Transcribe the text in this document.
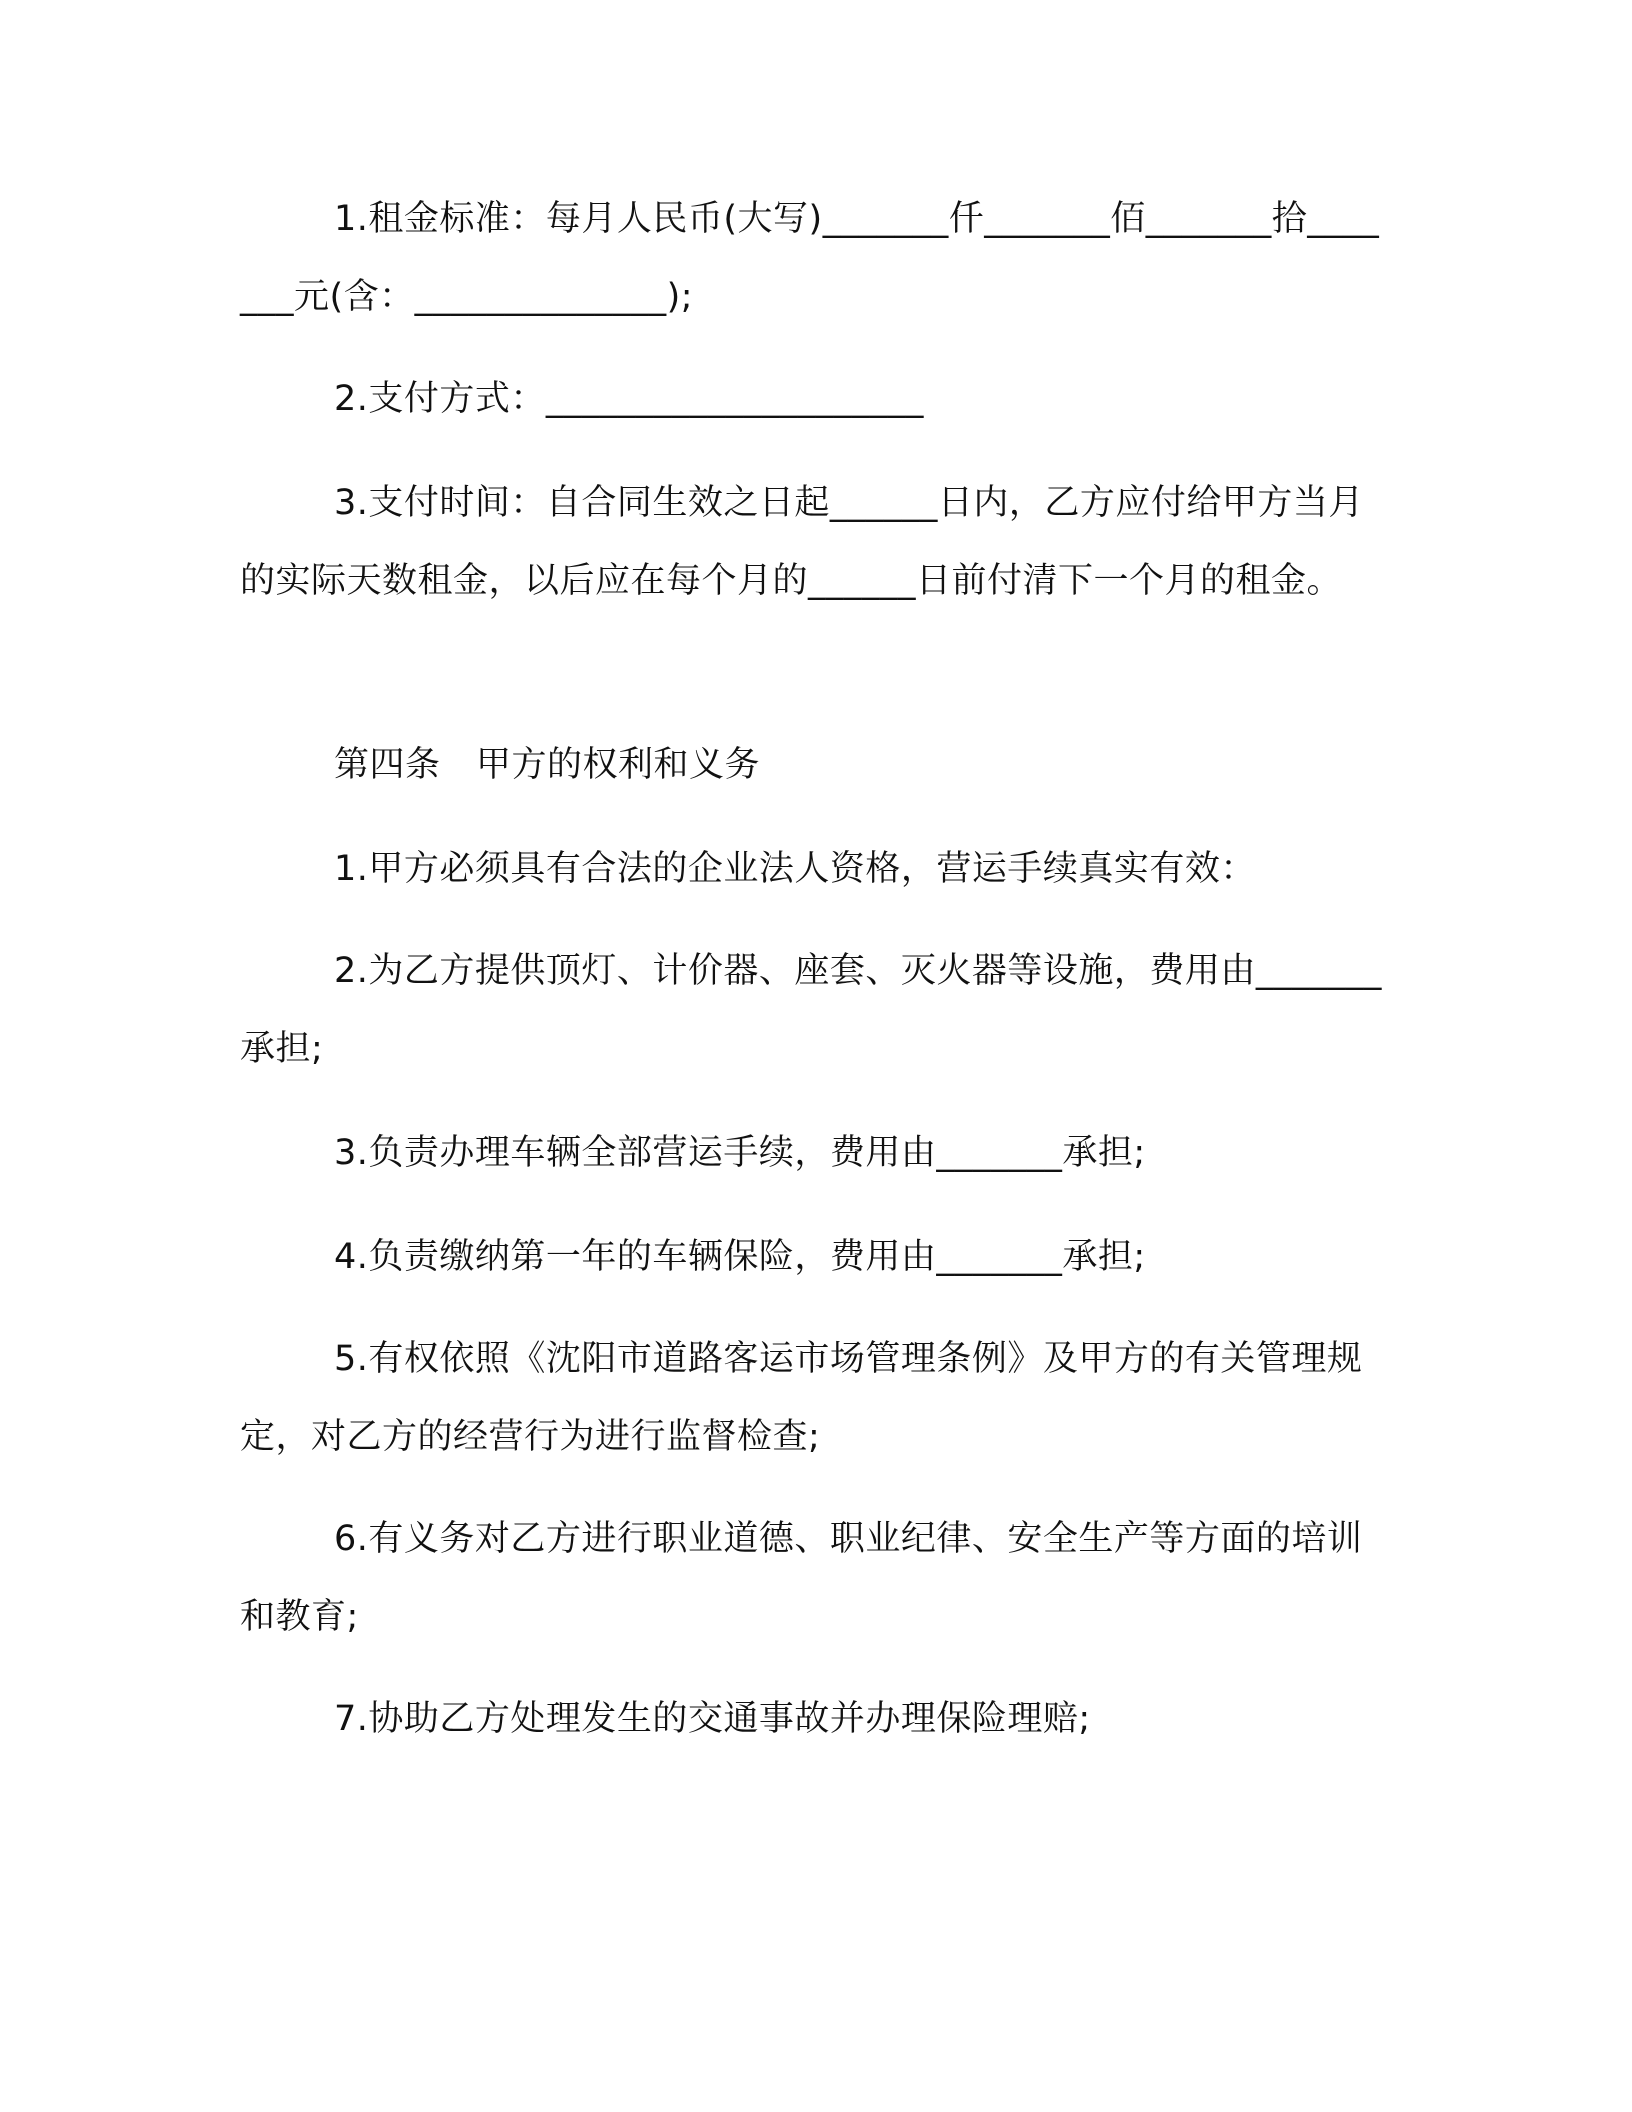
1.租金标准：每月人民币(大写)_______仟_______佰_______拾_______元(含：______________);

2.支付方式：_____________________

3.支付时间：自合同生效之日起______日内，乙方应付给甲方当月的实际天数租金，以后应在每个月的______日前付清下一个月的租金。

第四条　甲方的权利和义务

1.甲方必须具有合法的企业法人资格，营运手续真实有效：

2.为乙方提供顶灯、计价器、座套、灭火器等设施，费用由_______承担;

3.负责办理车辆全部营运手续，费用由_______承担;

4.负责缴纳第一年的车辆保险，费用由_______承担;

5.有权依照《沈阳市道路客运市场管理条例》及甲方的有关管理规定，对乙方的经营行为进行监督检查;

6.有义务对乙方进行职业道德、职业纪律、安全生产等方面的培训和教育;

7.协助乙方处理发生的交通事故并办理保险理赔;
